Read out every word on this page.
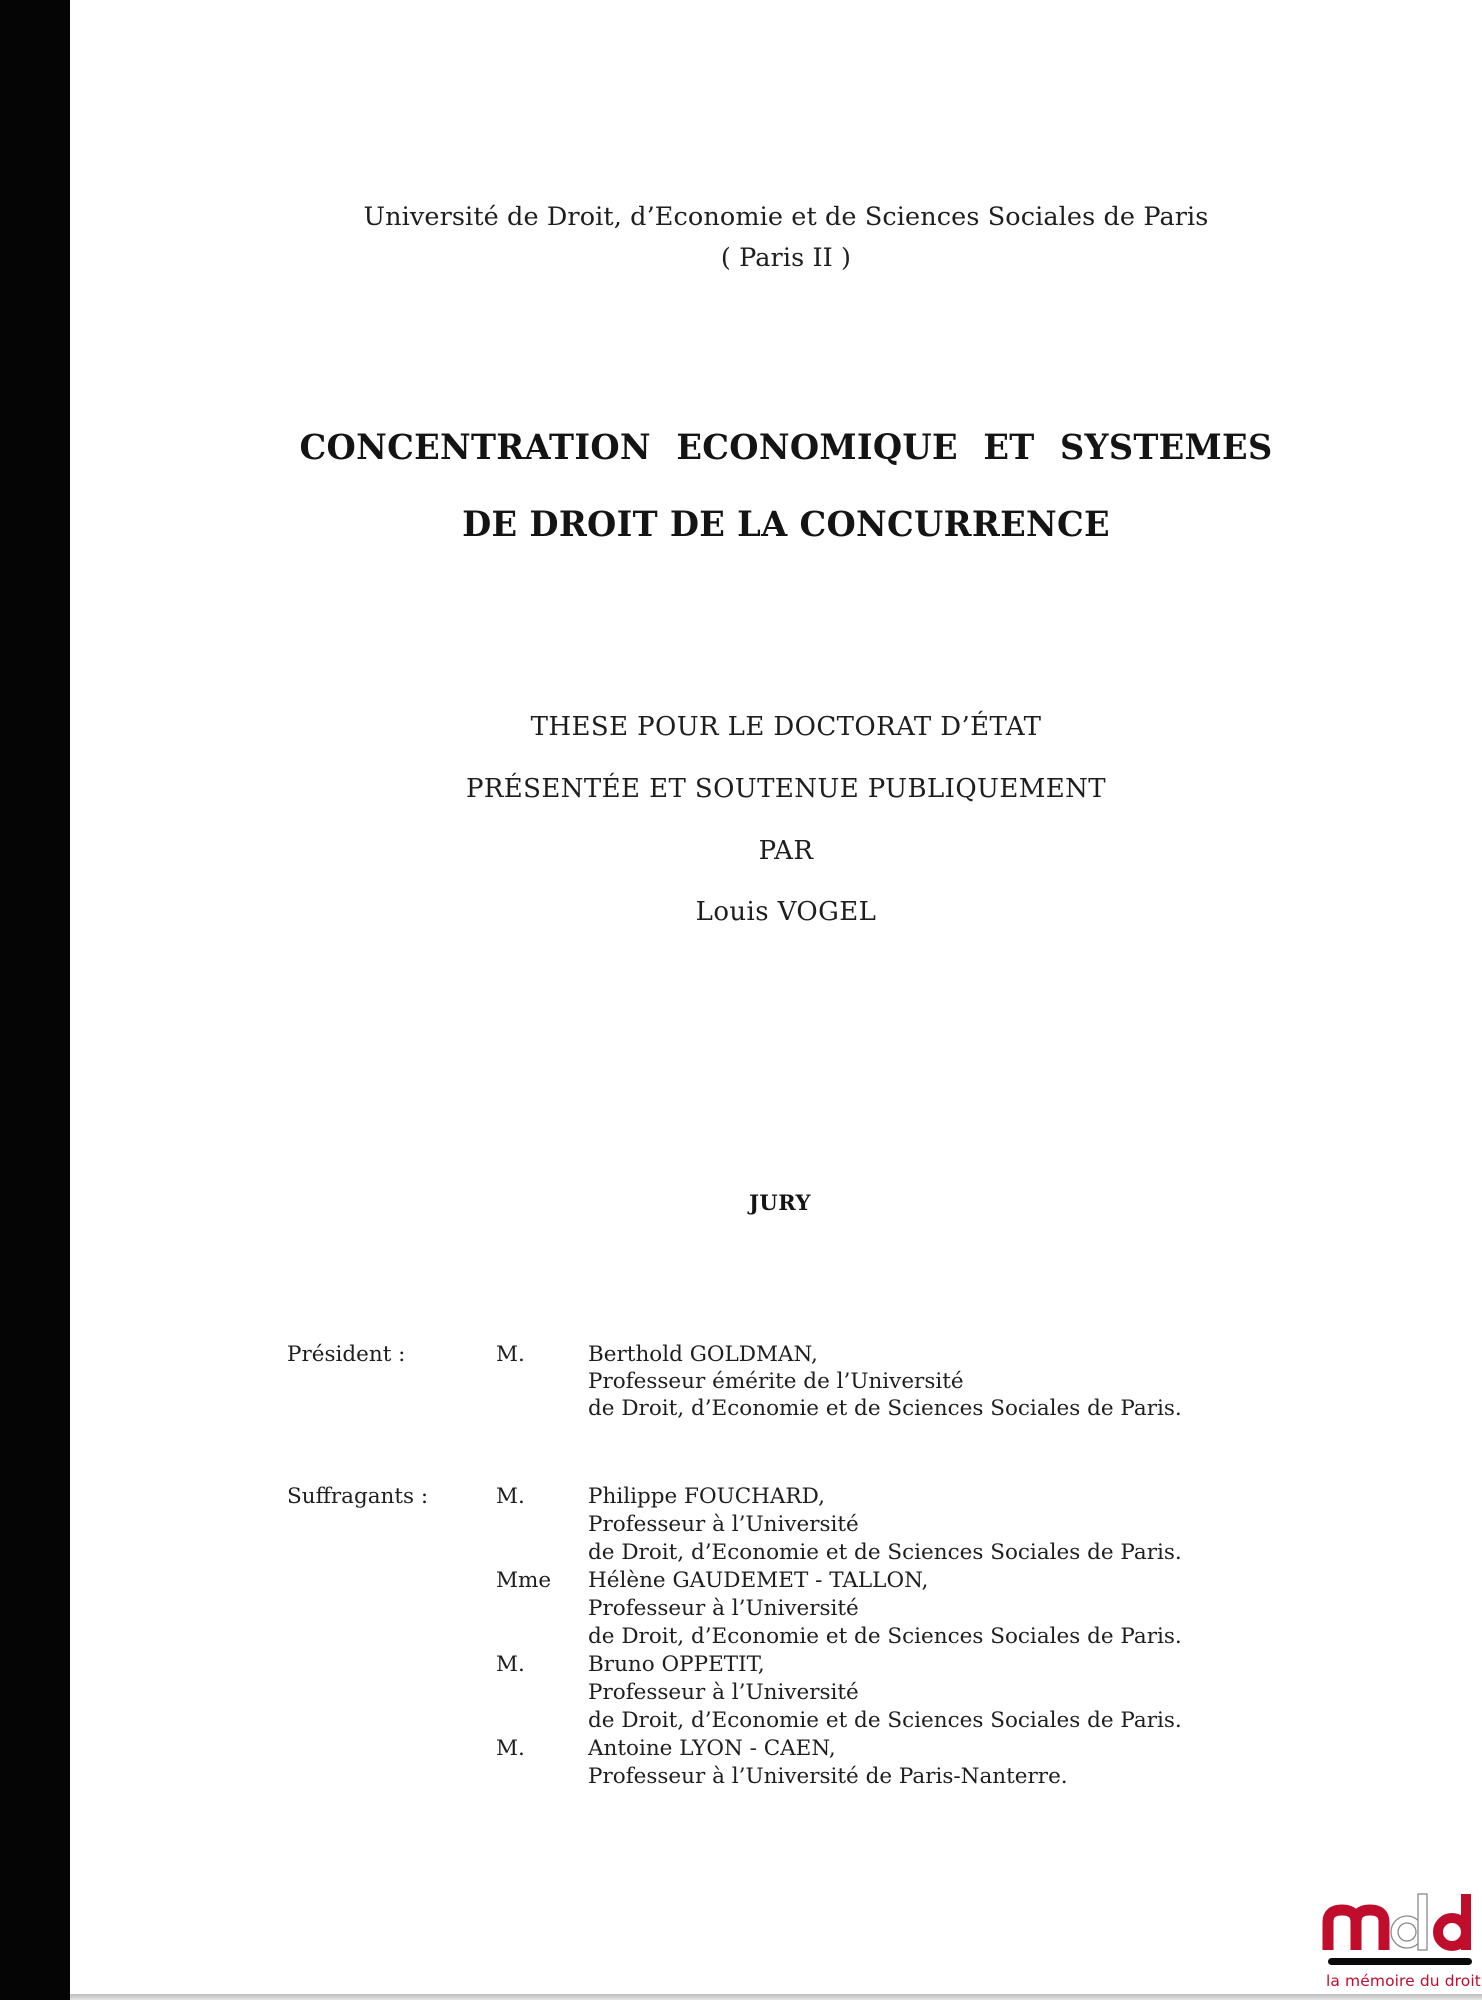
Université de Droit, d’Economie et de Sciences Sociales de Paris
( Paris II )
CONCENTRATION ECONOMIQUE ET SYSTEMES
DE DROIT DE LA CONCURRENCE
THESE POUR LE DOCTORAT D’ÉTAT
PRÉSENTÉE ET SOUTENUE PUBLIQUEMENT
PAR
Louis VOGEL
JURY
Président :	M.	Berthold GOLDMAN,
Professeur émérite de l’Université
de Droit, d’Economie et de Sciences Sociales de Paris.
Suffragants :	M.	Philippe FOUCHARD,
Professeur à l’Université
de Droit, d’Economie et de Sciences Sociales de Paris.
Mme Hélène GAUDEMET - TALLON,
Professeur à l’Université
de Droit, d’Economie et de Sciences Sociales de Paris.
M.	Bruno OPPETIT,
Professeur à l’Université
de Droit, d’Economie et de Sciences Sociales de Paris.
M.	Antoine LYON - CAEN,
Professeur à l’Université de Paris-Nanterre.
la mémoire du droit
